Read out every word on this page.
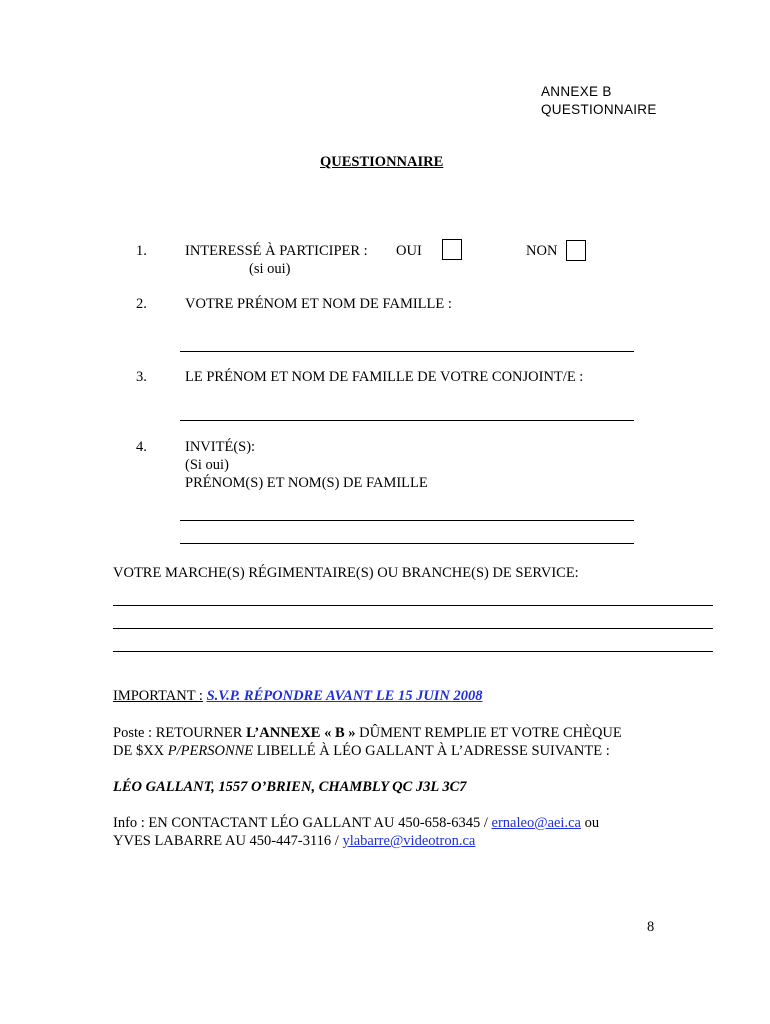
ANNEXE B
QUESTIONNAIRE
QUESTIONNAIRE
1.	INTERESSÉ À PARTICIPER : OUI	NON
(si oui)
2.	VOTRE PRÉNOM ET NOM DE FAMILLE :
3.	LE PRÉNOM ET NOM DE FAMILLE DE VOTRE CONJOINT/E :
4.	INVITÉ(S):
(Si oui)
PRÉNOM(S) ET NOM(S) DE FAMILLE
VOTRE MARCHE(S) RÉGIMENTAIRE(S) OU BRANCHE(S) DE SERVICE:
IMPORTANT : S.V.P. RÉPONDRE AVANT LE 15 JUIN 2008
Poste : RETOURNER L’ANNEXE « B » DÛMENT REMPLIE ET VOTRE CHÈQUE
DE $XX P/PERSONNE LIBELLÉ À LÉO GALLANT À L’ADRESSE SUIVANTE :
LÉO GALLANT, 1557 O’BRIEN, CHAMBLY QC J3L 3C7
Info : EN CONTACTANT LÉO GALLANT AU 450-658-6345 / ernaleo@aei.ca ou
YVES LABARRE AU 450-447-3116 / ylabarre@videotron.ca
8
